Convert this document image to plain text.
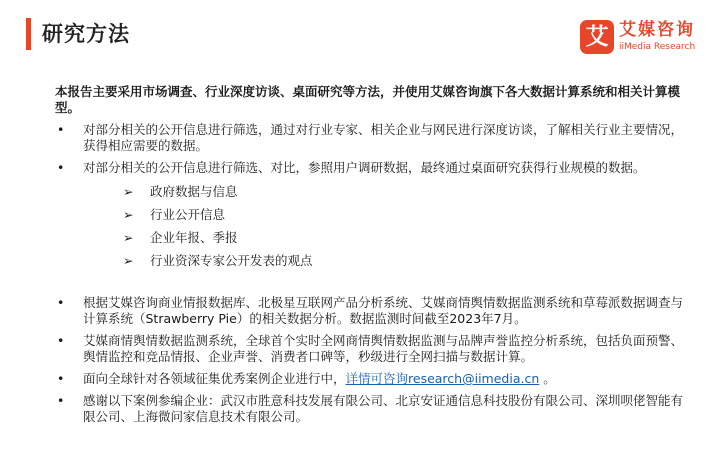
研究方法	艾 艾媒咨询
iiMedia Research

本报告主要采用市场调查、行业深度访谈、桌面研究等方法，并使用艾媒咨询旗下各大数据计算系统和相关计算模型。

• 对部分相关的公开信息进行筛选，通过对行业专家、相关企业与网民进行深度访谈，了解相关行业主要情况，获得相应需要的数据。
• 对部分相关的公开信息进行筛选、对比，参照用户调研数据，最终通过桌面研究获得行业规模的数据。
➢ 政府数据与信息
➢ 行业公开信息
➢ 企业年报、季报
➢ 行业资深专家公开发表的观点
• 根据艾媒咨询商业情报数据库、北极星互联网产品分析系统、艾媒商情舆情数据监测系统和草莓派数据调查与计算系统（Strawberry Pie）的相关数据分析。数据监测时间截至2023年7月。
• 艾媒商情舆情数据监测系统，全球首个实时全网商情舆情数据监测与品牌声誉监控分析系统，包括负面预警、舆情监控和竞品情报、企业声誉、消费者口碑等，秒级进行全网扫描与数据计算。
• 面向全球针对各领域征集优秀案例企业进行中，详情可咨询research@iimedia.cn 。
• 感谢以下案例参编企业：武汉市胜意科技发展有限公司、北京安证通信息科技股份有限公司、深圳呗佬智能有限公司、上海微问家信息技术有限公司。
